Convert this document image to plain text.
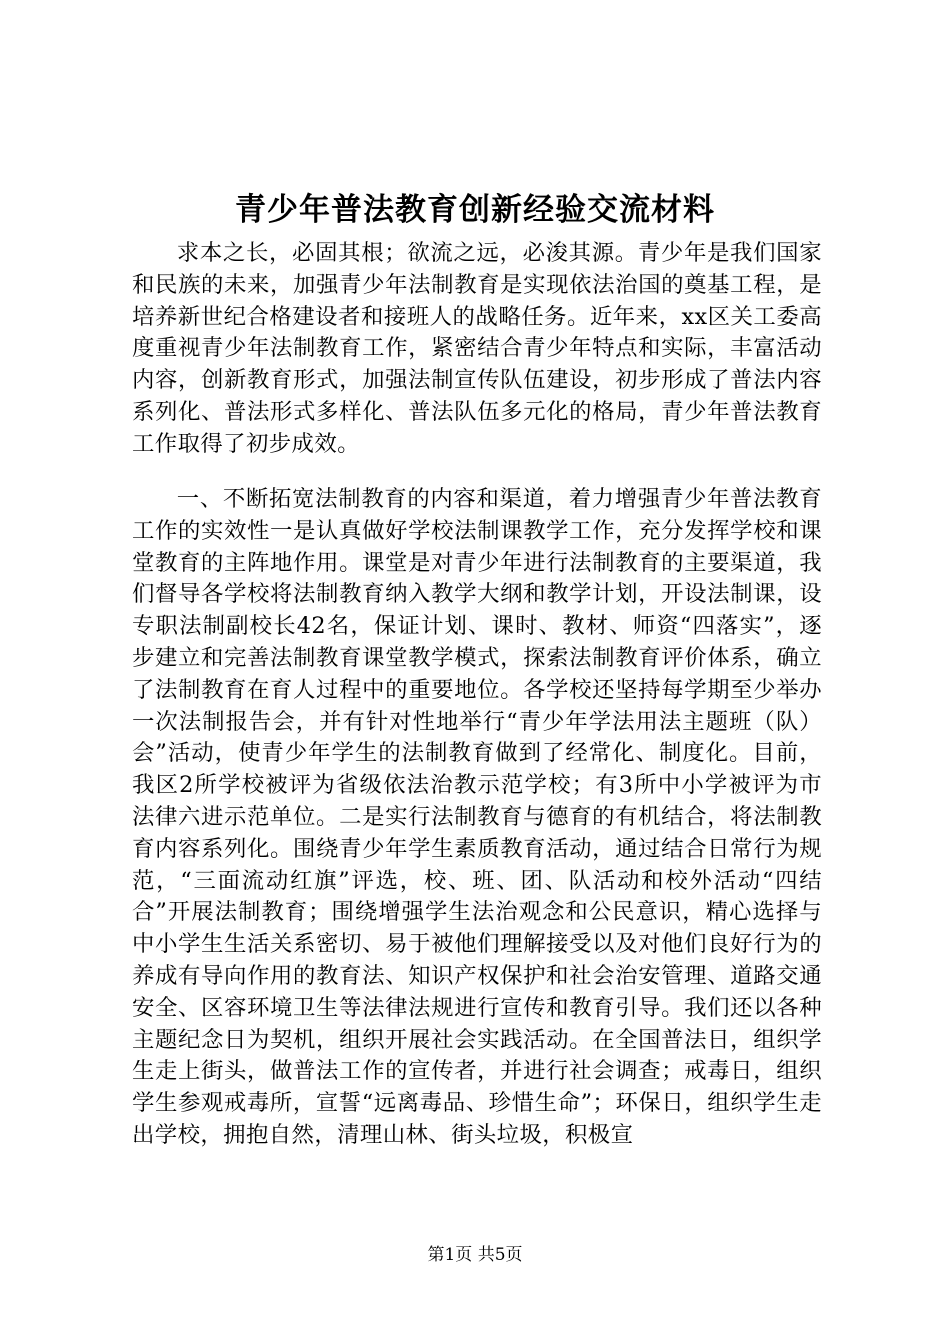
青少年普法教育创新经验交流材料

求本之长，必固其根；欲流之远，必浚其源。青少年是我们国家和民族的未来，加强青少年法制教育是实现依法治国的奠基工程，是培养新世纪合格建设者和接班人的战略任务。近年来，xx区关工委高度重视青少年法制教育工作，紧密结合青少年特点和实际，丰富活动内容，创新教育形式，加强法制宣传队伍建设，初步形成了普法内容系列化、普法形式多样化、普法队伍多元化的格局，青少年普法教育工作取得了初步成效。

一、不断拓宽法制教育的内容和渠道，着力增强青少年普法教育工作的实效性一是认真做好学校法制课教学工作，充分发挥学校和课堂教育的主阵地作用。课堂是对青少年进行法制教育的主要渠道，我们督导各学校将法制教育纳入教学大纲和教学计划，开设法制课，设专职法制副校长42名，保证计划、课时、教材、师资“四落实”，逐步建立和完善法制教育课堂教学模式，探索法制教育评价体系，确立了法制教育在育人过程中的重要地位。各学校还坚持每学期至少举办一次法制报告会，并有针对性地举行“青少年学法用法主题班（队）会”活动，使青少年学生的法制教育做到了经常化、制度化。目前，我区2所学校被评为省级依法治教示范学校；有3所中小学被评为市法律六进示范单位。二是实行法制教育与德育的有机结合，将法制教育内容系列化。围绕青少年学生素质教育活动，通过结合日常行为规范，“三面流动红旗”评选，校、班、团、队活动和校外活动“四结合”开展法制教育；围绕增强学生法治观念和公民意识，精心选择与中小学生生活关系密切、易于被他们理解接受以及对他们良好行为的养成有导向作用的教育法、知识产权保护和社会治安管理、道路交通安全、区容环境卫生等法律法规进行宣传和教育引导。我们还以各种主题纪念日为契机，组织开展社会实践活动。在全国普法日，组织学生走上街头，做普法工作的宣传者，并进行社会调查；戒毒日，组织学生参观戒毒所，宣誓“远离毒品、珍惜生命”；环保日，组织学生走出学校，拥抱自然，清理山林、街头垃圾，积极宣

第1页 共5页
